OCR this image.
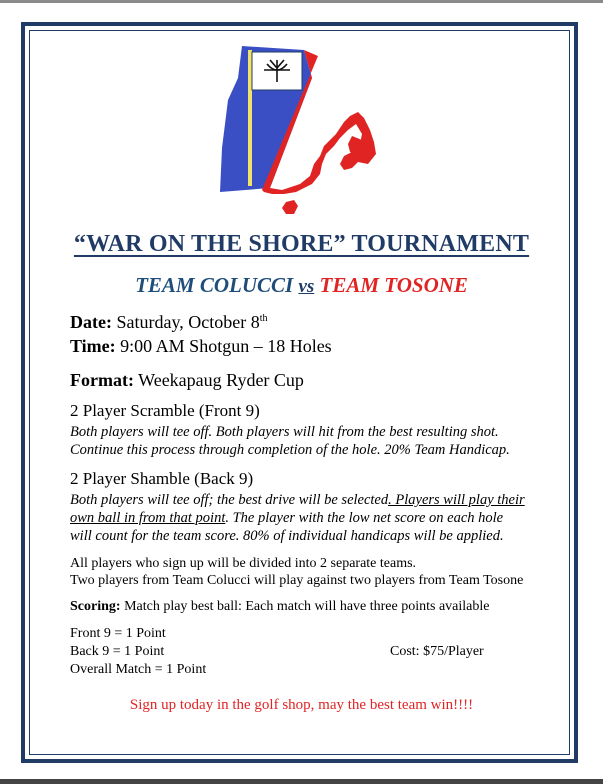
“WAR ON THE SHORE” TOURNAMENT
TEAM COLUCCI vs TEAM TOSONE
Date: Saturday, October 8th
Time: 9:00 AM Shotgun – 18 Holes
Format: Weekapaug Ryder Cup
2 Player Scramble (Front 9)
Both players will tee off. Both players will hit from the best resulting shot.
Continue this process through completion of the hole. 20% Team Handicap.
2 Player Shamble (Back 9)
Both players will tee off; the best drive will be selected. Players will play their
own ball in from that point. The player with the low net score on each hole
will count for the team score. 80% of individual handicaps will be applied.
All players who sign up will be divided into 2 separate teams.
Two players from Team Colucci will play against two players from Team Tosone
Scoring: Match play best ball: Each match will have three points available
Front 9 = 1 Point
Back 9 = 1 Point
Overall Match = 1 Point
Cost: $75/Player
Sign up today in the golf shop, may the best team win!!!!
